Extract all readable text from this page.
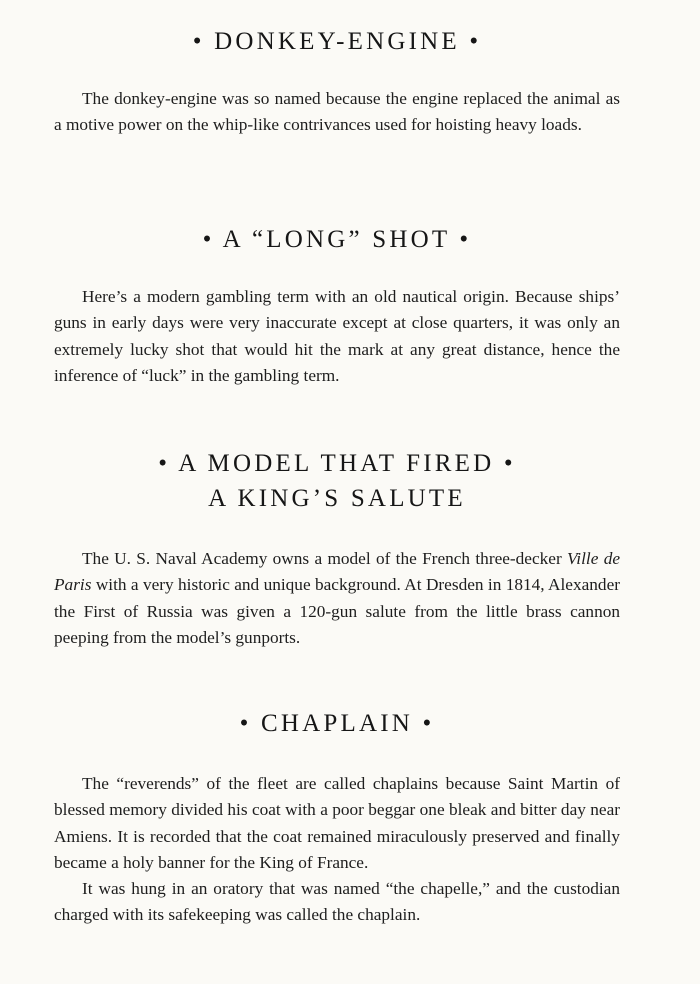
• DONKEY-ENGINE •

The donkey-engine was so named because the engine replaced the animal as a motive power on the whip-like contrivances used for hoisting heavy loads.

• A “LONG” SHOT •

Here’s a modern gambling term with an old nautical origin. Because ships’ guns in early days were very inaccurate except at close quarters, it was only an extremely lucky shot that would hit the mark at any great distance, hence the inference of “luck” in the gambling term.

• A MODEL THAT FIRED •
A KING’S SALUTE

The U. S. Naval Academy owns a model of the French three-decker Ville de Paris with a very historic and unique background. At Dresden in 1814, Alexander the First of Russia was given a 120-gun salute from the little brass cannon peeping from the model’s gunports.

• CHAPLAIN •

The “reverends” of the fleet are called chaplains because Saint Martin of blessed memory divided his coat with a poor beggar one bleak and bitter day near Amiens. It is recorded that the coat remained miraculously preserved and finally became a holy banner for the King of France.

It was hung in an oratory that was named “the chapelle,” and the custodian charged with its safekeeping was called the chaplain.
